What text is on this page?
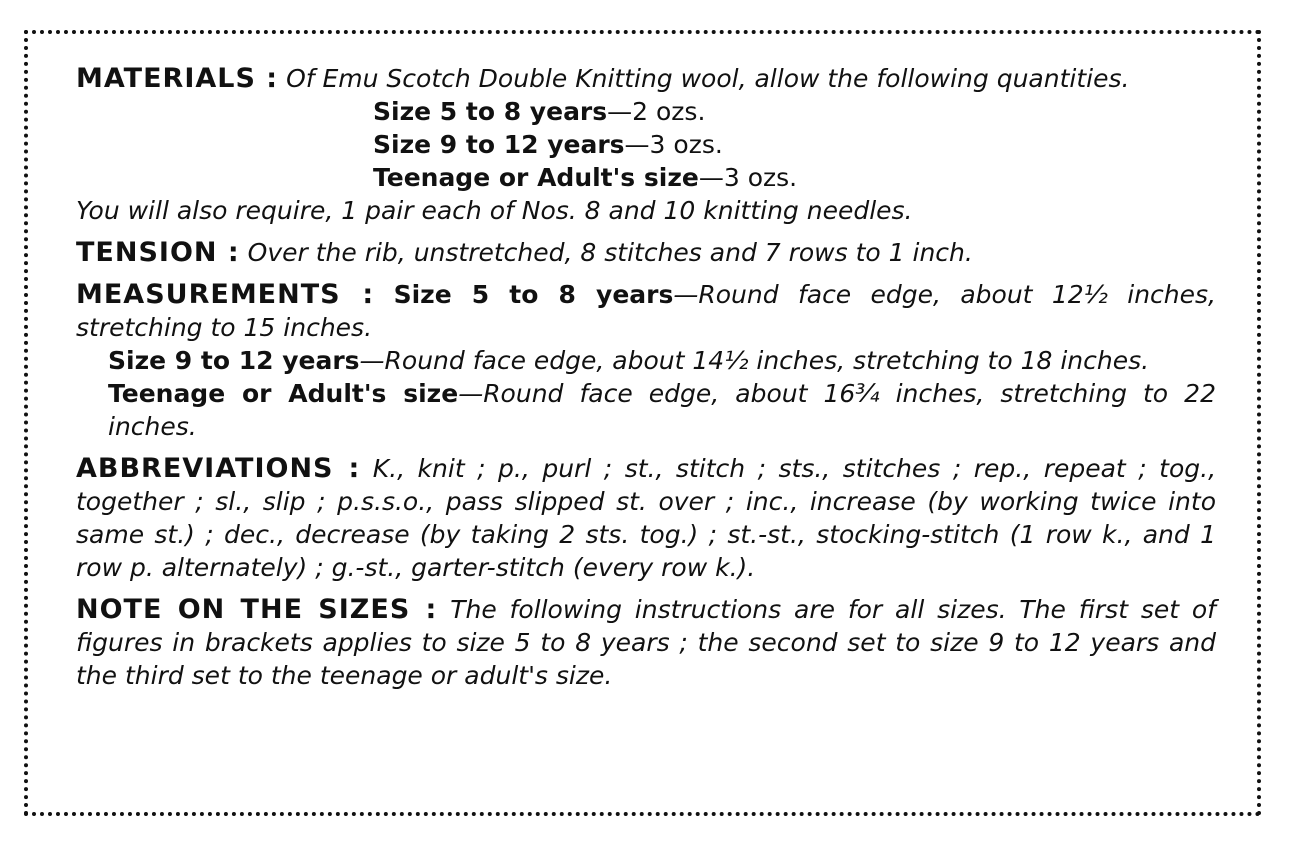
MATERIALS : Of Emu Scotch Double Knitting wool, allow the following quantities.

Size 5 to 8 years—2 ozs.
Size 9 to 12 years—3 ozs.
Teenage or Adult's size—3 ozs.

You will also require, 1 pair each of Nos. 8 and 10 knitting needles.

TENSION : Over the rib, unstretched, 8 stitches and 7 rows to 1 inch.

MEASUREMENTS : Size 5 to 8 years—Round face edge, about 12½ inches, stretching to 15 inches.

Size 9 to 12 years—Round face edge, about 14½ inches, stretching to 18 inches.

Teenage or Adult's size—Round face edge, about 16¾ inches, stretching to 22 inches.

ABBREVIATIONS : K., knit ; p., purl ; st., stitch ; sts., stitches ; rep., repeat ; tog., together ; sl., slip ; p.s.s.o., pass slipped st. over ; inc., increase (by working twice into same st.) ; dec., decrease (by taking 2 sts. tog.) ; st.-st., stocking-stitch (1 row k., and 1 row p. alternately) ; g.-st., garter-stitch (every row k.).

NOTE ON THE SIZES : The following instructions are for all sizes. The first set of figures in brackets applies to size 5 to 8 years ; the second set to size 9 to 12 years and the third set to the teenage or adult's size.
